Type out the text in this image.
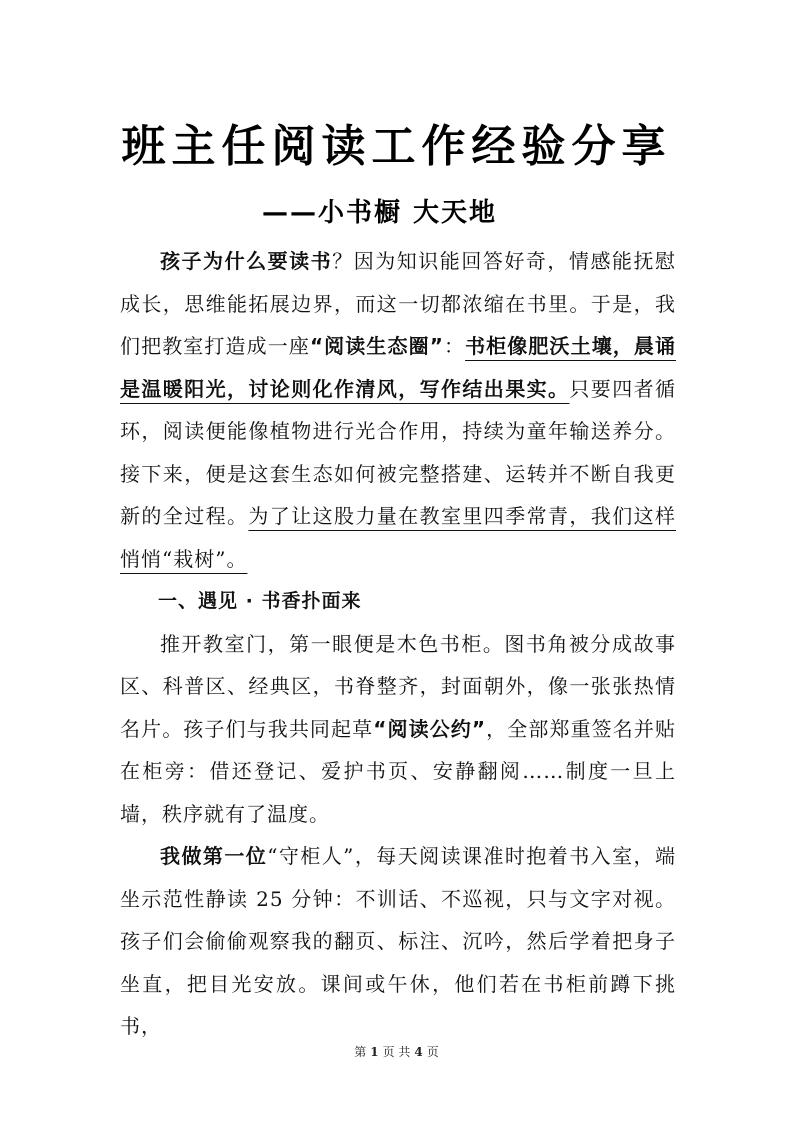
班主任阅读工作经验分享
——小书橱 大天地

孩子为什么要读书？因为知识能回答好奇，情感能抚慰成长，思维能拓展边界，而这一切都浓缩在书里。于是，我们把教室打造成一座“阅读生态圈”：书柜像肥沃土壤，晨诵是温暖阳光，讨论则化作清风，写作结出果实。只要四者循环，阅读便能像植物进行光合作用，持续为童年输送养分。接下来，便是这套生态如何被完整搭建、运转并不断自我更新的全过程。为了让这股力量在教室里四季常青，我们这样悄悄“栽树”。

一、遇见 · 书香扑面来

推开教室门，第一眼便是木色书柜。图书角被分成故事区、科普区、经典区，书脊整齐，封面朝外，像一张张热情名片。孩子们与我共同起草“阅读公约”，全部郑重签名并贴在柜旁：借还登记、爱护书页、安静翻阅……制度一旦上墙，秩序就有了温度。

我做第一位“守柜人”，每天阅读课准时抱着书入室，端坐示范性静读 25 分钟：不训话、不巡视，只与文字对视。孩子们会偷偷观察我的翻页、标注、沉吟，然后学着把身子坐直，把目光安放。课间或午休，他们若在书柜前蹲下挑书，

第 1 页 共 4 页
